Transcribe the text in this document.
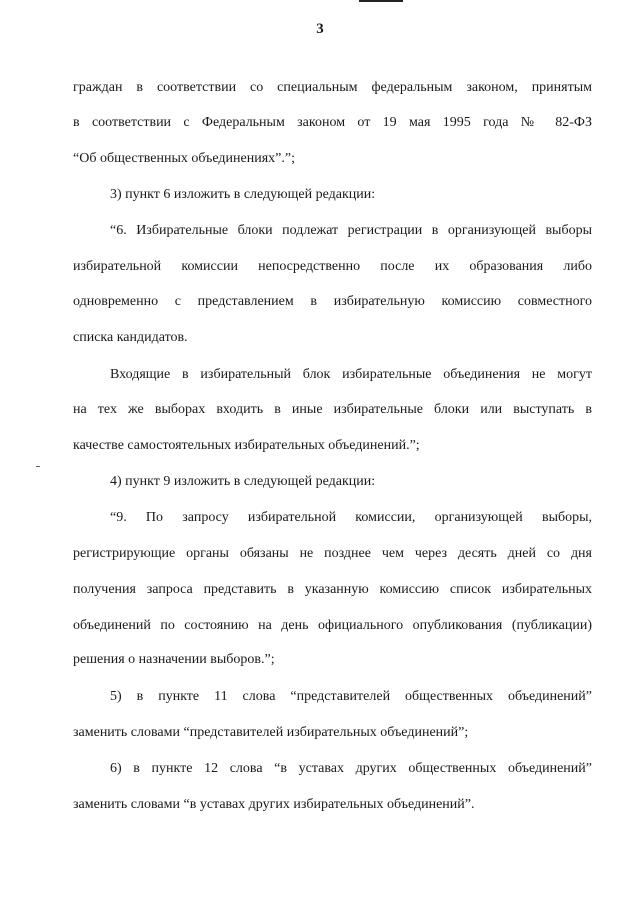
3
граждан в соответствии со специальным федеральным законом, принятым
в соответствии с Федеральным законом от 19 мая 1995 года № 82-ФЗ
“Об общественных объединениях”.”;
3) пункт 6 изложить в следующей редакции:
“6. Избирательные блоки подлежат регистрации в организующей выборы
избирательной комиссии непосредственно после их образования либо
одновременно с представлением в избирательную комиссию совместного
списка кандидатов.
Входящие в избирательный блок избирательные объединения не могут
на тех же выборах входить в иные избирательные блоки или выступать в
качестве самостоятельных избирательных объединений.”;
4) пункт 9 изложить в следующей редакции:
“9. По запросу избирательной комиссии, организующей выборы,
регистрирующие органы обязаны не позднее чем через десять дней со дня
получения запроса представить в указанную комиссию список избирательных
объединений по состоянию на день официального опубликования (публикации)
решения о назначении выборов.”;
5) в пункте 11 слова “представителей общественных объединений”
заменить словами “представителей избирательных объединений”;
6) в пункте 12 слова “в уставах других общественных объединений”
заменить словами “в уставах других избирательных объединений”.
